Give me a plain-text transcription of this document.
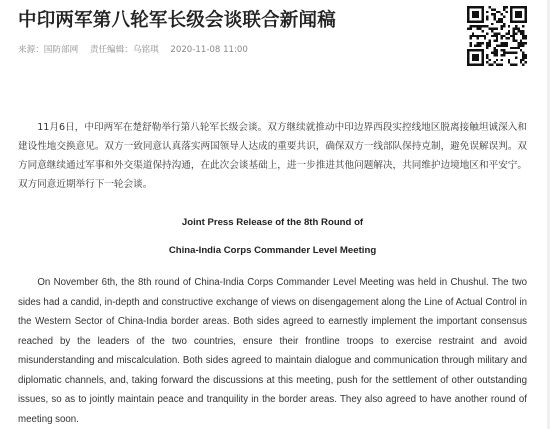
中印两军第八轮军长级会谈联合新闻稿
来源：国防部网 责任编辑：乌铭琪 2020-11-08 11:00

11月6日，中印两军在楚舒勒举行第八轮军长级会谈。双方继续就推动中印边界西段实控线地区脱离接触坦诚深入和建设性地交换意见。双方一致同意认真落实两国领导人达成的重要共识，确保双方一线部队保持克制，避免误解误判。双方同意继续通过军事和外交渠道保持沟通，在此次会谈基础上，进一步推进其他问题解决，共同维护边境地区和平安宁。双方同意近期举行下一轮会谈。

Joint Press Release of the 8th Round of

China-India Corps Commander Level Meeting

On November 6th, the 8th round of China-India Corps Commander Level Meeting was held in Chushul. The two sides had a candid, in-depth and constructive exchange of views on disengagement along the Line of Actual Control in the Western Sector of China-India border areas. Both sides agreed to earnestly implement the important consensus reached by the leaders of the two countries, ensure their frontline troops to exercise restraint and avoid misunderstanding and miscalculation. Both sides agreed to maintain dialogue and communication through military and diplomatic channels, and, taking forward the discussions at this meeting, push for the settlement of other outstanding issues, so as to jointly maintain peace and tranquility in the border areas. They also agreed to have another round of meeting soon.
